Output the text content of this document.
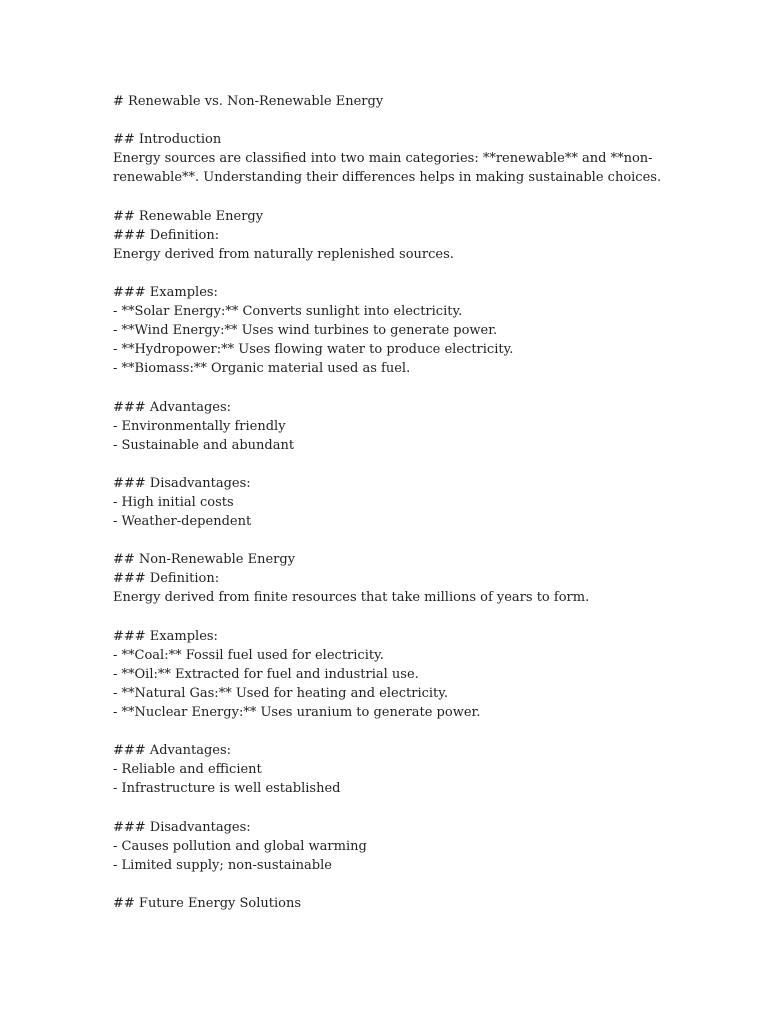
# Renewable vs. Non-Renewable Energy
## Introduction
Energy sources are classified into two main categories: **renewable** and **non-
renewable**. Understanding their differences helps in making sustainable choices.
## Renewable Energy
### Definition:
Energy derived from naturally replenished sources.
### Examples:
- **Solar Energy:** Converts sunlight into electricity.
- **Wind Energy:** Uses wind turbines to generate power.
- **Hydropower:** Uses flowing water to produce electricity.
- **Biomass:** Organic material used as fuel.
### Advantages:
- Environmentally friendly
- Sustainable and abundant
### Disadvantages:
- High initial costs
- Weather-dependent
## Non-Renewable Energy
### Definition:
Energy derived from finite resources that take millions of years to form.
### Examples:
- **Coal:** Fossil fuel used for electricity.
- **Oil:** Extracted for fuel and industrial use.
- **Natural Gas:** Used for heating and electricity.
- **Nuclear Energy:** Uses uranium to generate power.
### Advantages:
- Reliable and efficient
- Infrastructure is well established
### Disadvantages:
- Causes pollution and global warming
- Limited supply; non-sustainable
## Future Energy Solutions
